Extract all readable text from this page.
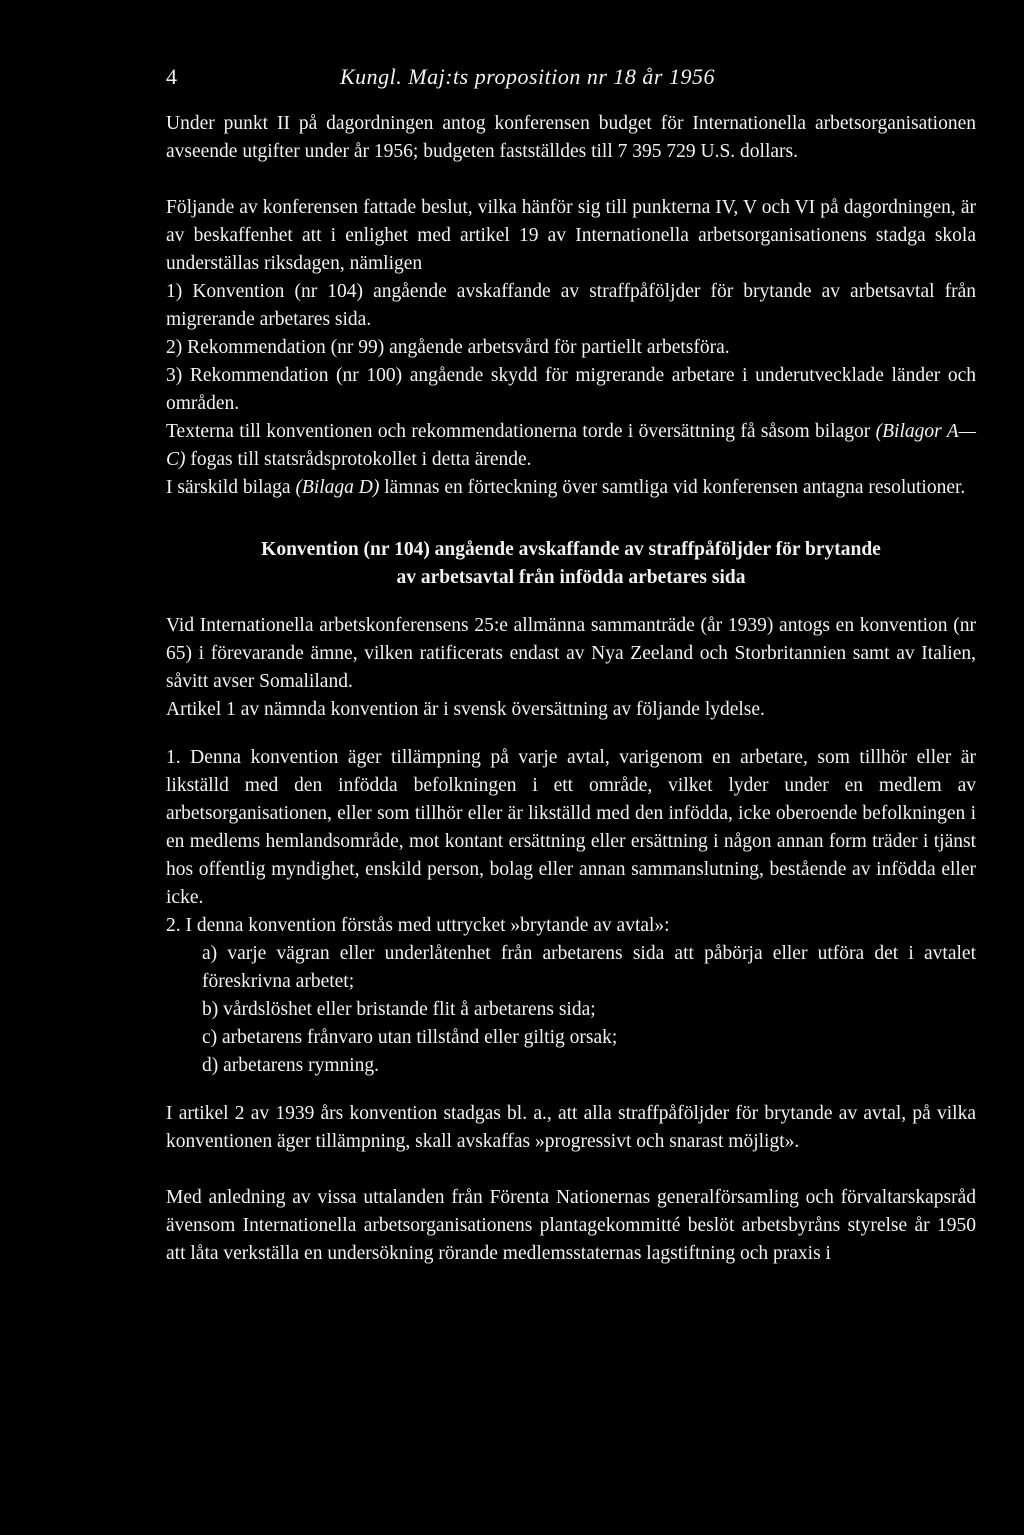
4	Kungl. Maj:ts proposition nr 18 år 1956

Under punkt II på dagordningen antog konferensen budget för Internationella arbetsorganisationen avseende utgifter under år 1956; budgeten fastställdes till 7 395 729 U.S. dollars.

Följande av konferensen fattade beslut, vilka hänför sig till punkterna IV, V och VI på dagordningen, är av beskaffenhet att i enlighet med artikel 19 av Internationella arbetsorganisationens stadga skola underställas riksdagen, nämligen

1) Konvention (nr 104) angående avskaffande av straffpåföljder för brytande av arbetsavtal från migrerande arbetares sida.

2) Rekommendation (nr 99) angående arbetsvård för partiellt arbetsföra.

3) Rekommendation (nr 100) angående skydd för migrerande arbetare i underutvecklade länder och områden.

Texterna till konventionen och rekommendationerna torde i översättning få såsom bilagor (Bilagor A—C) fogas till statsrådsprotokollet i detta ärende.

I särskild bilaga (Bilaga D) lämnas en förteckning över samtliga vid konferensen antagna resolutioner.

Konvention (nr 104) angående avskaffande av straffpåföljder för brytande
av arbetsavtal från infödda arbetares sida

Vid Internationella arbetskonferensens 25:e allmänna sammanträde (år 1939) antogs en konvention (nr 65) i förevarande ämne, vilken ratificerats endast av Nya Zeeland och Storbritannien samt av Italien, såvitt avser Somaliland.

Artikel 1 av nämnda konvention är i svensk översättning av följande lydelse.

1. Denna konvention äger tillämpning på varje avtal, varigenom en arbetare, som tillhör eller är likställd med den infödda befolkningen i ett område, vilket lyder under en medlem av arbetsorganisationen, eller som tillhör eller är likställd med den infödda, icke oberoende befolkningen i en medlems hemlandsområde, mot kontant ersättning eller ersättning i någon annan form träder i tjänst hos offentlig myndighet, enskild person, bolag eller annan sammanslutning, bestående av infödda eller icke.

2. I denna konvention förstås med uttrycket »brytande av avtal»:

a) varje vägran eller underlåtenhet från arbetarens sida att påbörja eller utföra det i avtalet föreskrivna arbetet;

b) vårdslöshet eller bristande flit å arbetarens sida;

c) arbetarens frånvaro utan tillstånd eller giltig orsak;

d) arbetarens rymning.

I artikel 2 av 1939 års konvention stadgas bl. a., att alla straffpåföljder för brytande av avtal, på vilka konventionen äger tillämpning, skall avskaffas »progressivt och snarast möjligt».

Med anledning av vissa uttalanden från Förenta Nationernas generalförsamling och förvaltarskapsråd ävensom Internationella arbetsorganisationens plantagekommitté beslöt arbetsbyråns styrelse år 1950 att låta verkställa en undersökning rörande medlemsstaternas lagstiftning och praxis i
